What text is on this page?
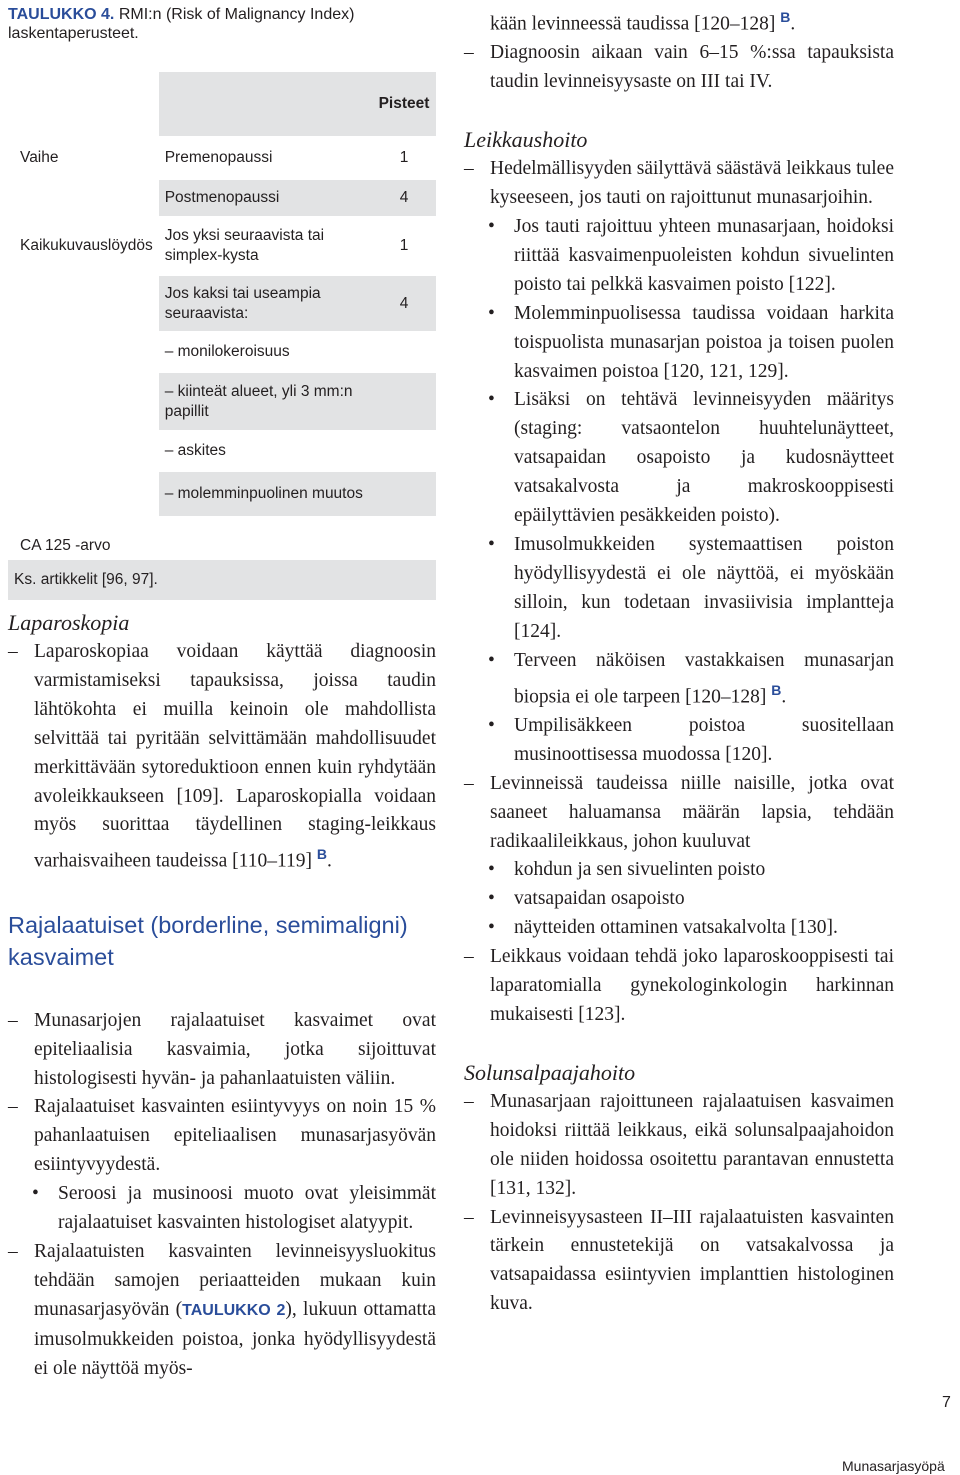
TAULUKKO 4. RMI:n (Risk of Malignancy Index) laskentaperusteet.
		Pisteet
Vaihe	Premenopaussi	1
	Postmenopaussi	4
Kaikukuvauslöydös	Jos yksi seuraavista tai simplex-kysta	1
	Jos kaksi tai useampia seuraavista:	4
	– monilokeroisuus	
	– kiinteät alueet, yli 3 mm:n papillit	
	– askites	
	– molemminpuolinen muutos	
CA 125 -arvo		
Ks. artikkelit [96, 97].		
Laparoskopia
– Laparoskopiaa voidaan käyttää diagnoosin varmistamiseksi tapauksissa, joissa taudin lähtökohta ei muilla keinoin ole mahdollista selvittää tai pyritään selvittämään mahdollisuudet merkittävään sytoreduktioon ennen kuin ryhdytään avoleikkaukseen [109]. Laparoskopialla voidaan myös suorittaa täydellinen staging-leikkaus varhaisvaiheen taudeissa [110–119] $^B$.
Rajalaatuiset (borderline, semimaligni) kasvaimet
– Munasarjojen rajalaatuiset kasvaimet ovat epiteliaalisia kasvaimia, jotka sijoittuvat histologisesti hyvän- ja pahanlaatuisten väliin.
– Rajalaatuiset kasvainten esiintyvyys on noin 15 % pahanlaatuisen epiteliaalisen munasarjasyövän esiintyvyydestä.
• Seroosi ja musinoosi muoto ovat yleisimmät rajalaatuiset kasvainten histologiset alatyypit.
– Rajalaatuisten kasvainten levinneisyysluokitus tehdään samojen periaatteiden mukaan kuin munasarjasyövän (TAULUKKO 2), lukuun ottamatta imusolmukkeiden poistoa, jonka hyödyllisyydestä ei ole näyttöä myös-
kään levinneessä taudissa [120–128] $^B$.
– Diagnoosin aikaan vain 6–15 %:ssa tapauksista taudin levinneisyysaste on III tai IV.
Leikkaushoito
– Hedelmällisyyden säilyttävä säästävä leikkaus tulee kyseeseen, jos tauti on rajoittunut munasarjoihin.
• Jos tauti rajoittuu yhteen munasarjaan, hoidoksi riittää kasvaimenpuoleisten kohdun sivuelinten poisto tai pelkkä kasvaimen poisto [122].
• Molemminpuolisessa taudissa voidaan harkita toispuolista munasarjan poistoa ja toisen puolen kasvaimen poistoa [120, 121, 129].
• Lisäksi on tehtävä levinneisyyden määritys (staging: vatsaontelon huuhtelunäytteet, vatsapaidan osapoisto ja kudosnäytteet vatsakalvosta ja makroskooppisesti epäilyttävien pesäkkeiden poisto).
• Imusolmukkeiden systemaattisen poiston hyödyllisyydestä ei ole näyttöä, ei myöskään silloin, kun todetaan invasiivisia implantteja [124].
• Terveen näköisen vastakkaisen munasarjan biopsia ei ole tarpeen [120–128] $^B$.
• Umpilisäkkeen poistoa suositellaan musinoottisessa muodossa [120].
– Levinneissä taudeissa niille naisille, jotka ovat saaneet haluamansa määrän lapsia, tehdään radikaalileikkaus, johon kuuluvat
• kohdun ja sen sivuelinten poisto
• vatsapaidan osapoisto
• näytteiden ottaminen vatsakalvolta [130].
– Leikkaus voidaan tehdä joko laparoskooppisesti tai laparatomialla gynekologinkologin harkinnan mukaisesti [123].
Solunsalpaajahoito
– Munasarjaan rajoittuneen rajalaatuisen kasvaimen hoidoksi riittää leikkaus, eikä solunsalpaajahoidon ole niiden hoidossa osoitettu parantavan ennustetta [131, 132].
– Levinneisyysasteen II–III rajalaatuisten kasvainten tärkein ennustetekijä on vatsakalvossa ja vatsapaidassa esiintyvien implanttien histologinen kuva.
7
Munasarjasyöpä
